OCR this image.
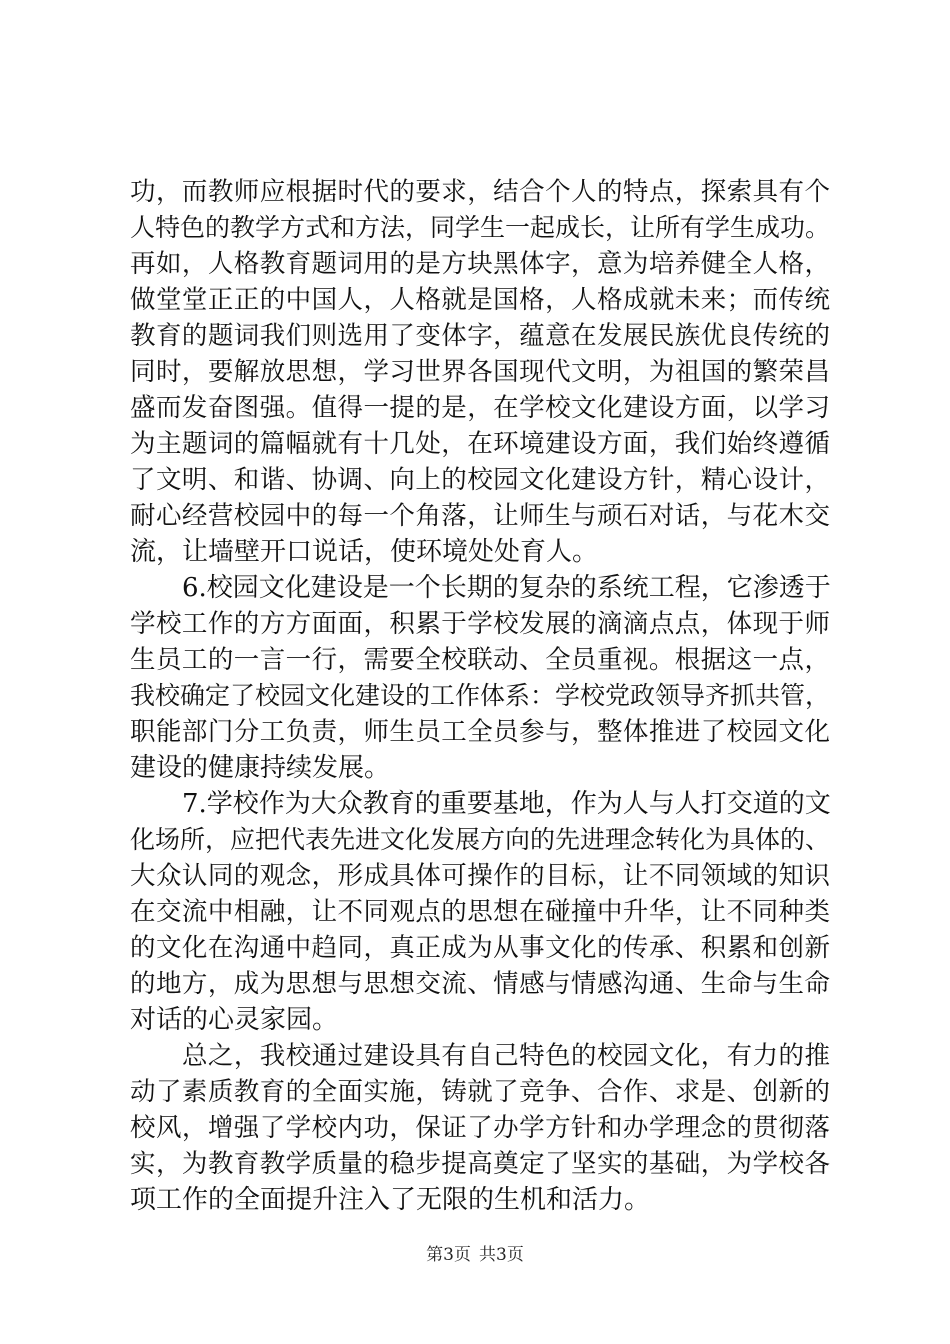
功，而教师应根据时代的要求，结合个人的特点，探索具有个
人特色的教学方式和方法，同学生一起成长，让所有学生成功。
再如，人格教育题词用的是方块黑体字，意为培养健全人格，
做堂堂正正的中国人，人格就是国格，人格成就未来；而传统
教育的题词我们则选用了变体字，蕴意在发展民族优良传统的
同时，要解放思想，学习世界各国现代文明，为祖国的繁荣昌
盛而发奋图强。值得一提的是，在学校文化建设方面，以学习
为主题词的篇幅就有十几处，在环境建设方面，我们始终遵循
了文明、和谐、协调、向上的校园文化建设方针，精心设计，
耐心经营校园中的每一个角落，让师生与顽石对话，与花木交
流，让墙壁开口说话，使环境处处育人。
6.校园文化建设是一个长期的复杂的系统工程，它渗透于
学校工作的方方面面，积累于学校发展的滴滴点点，体现于师
生员工的一言一行，需要全校联动、全员重视。根据这一点，
我校确定了校园文化建设的工作体系：学校党政领导齐抓共管，
职能部门分工负责，师生员工全员参与，整体推进了校园文化
建设的健康持续发展。
7.学校作为大众教育的重要基地，作为人与人打交道的文
化场所，应把代表先进文化发展方向的先进理念转化为具体的、
大众认同的观念，形成具体可操作的目标，让不同领域的知识
在交流中相融，让不同观点的思想在碰撞中升华，让不同种类
的文化在沟通中趋同，真正成为从事文化的传承、积累和创新
的地方，成为思想与思想交流、情感与情感沟通、生命与生命
对话的心灵家园。
总之，我校通过建设具有自己特色的校园文化，有力的推
动了素质教育的全面实施，铸就了竞争、合作、求是、创新的
校风，增强了学校内功，保证了办学方针和办学理念的贯彻落
实，为教育教学质量的稳步提高奠定了坚实的基础，为学校各
项工作的全面提升注入了无限的生机和活力。
第3页 共3页
